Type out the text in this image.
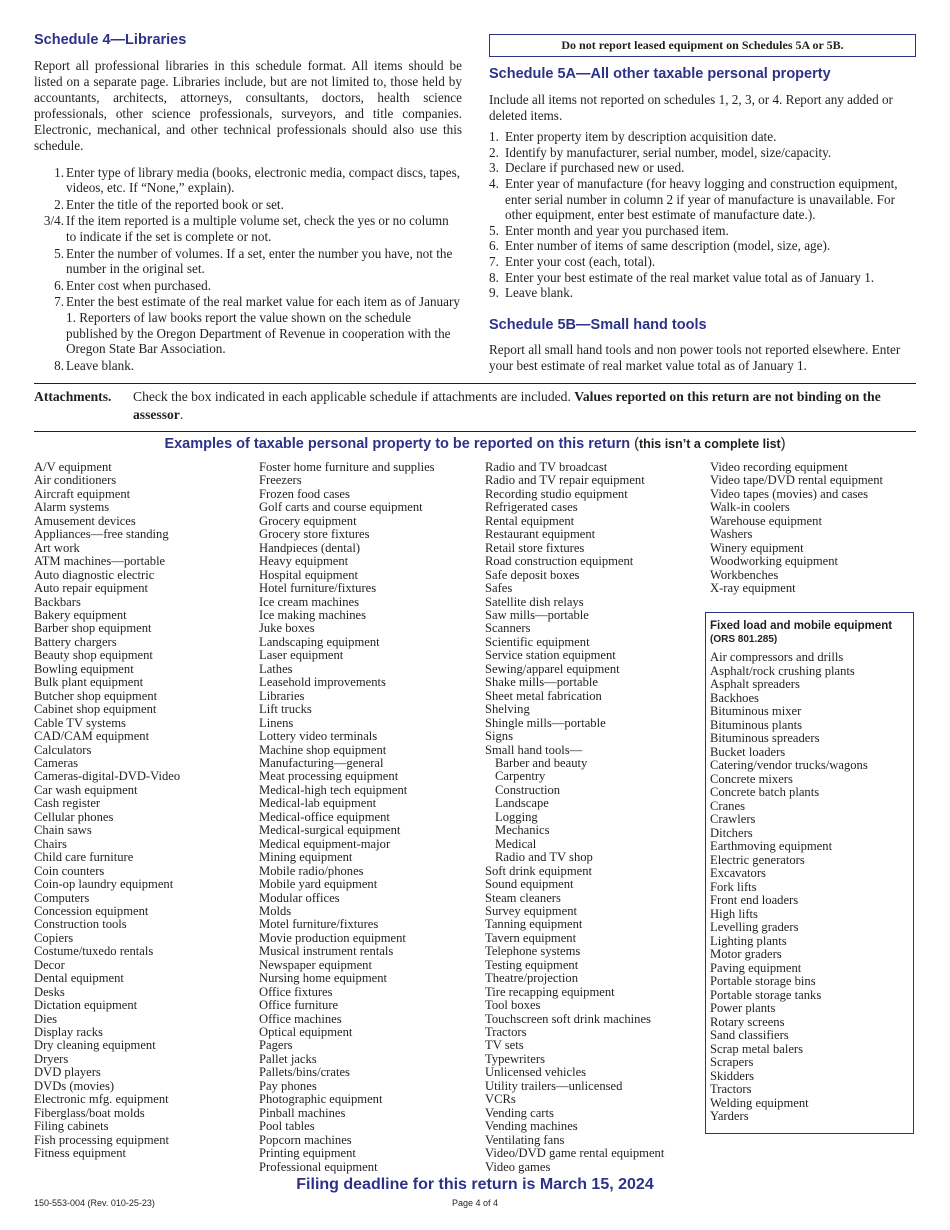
Schedule 4—Libraries

Report all professional libraries in this schedule format. All items should be listed on a separate page. Libraries include, but are not limited to, those held by accountants, architects, attorneys, consultants, doctors, health science professionals, other science professionals, surveyors, and title companies. Electronic, mechanical, and other technical professionals should also use this schedule.

1. Enter type of library media (books, electronic media, compact discs, tapes, videos, etc. If “None,” explain).
2. Enter the title of the reported book or set.
3/4. If the item reported is a multiple volume set, check the yes or no column to indicate if the set is complete or not.
5. Enter the number of volumes. If a set, enter the number you have, not the number in the original set.
6. Enter cost when purchased.
7. Enter the best estimate of the real market value for each item as of January 1. Reporters of law books report the value shown on the schedule published by the Oregon Department of Revenue in cooperation with the Oregon State Bar Association.
8. Leave blank.
Do not report leased equipment on Schedules 5A or 5B.
Schedule 5A—All other taxable personal property

Include all items not reported on schedules 1, 2, 3, or 4. Report any added or deleted items.

1. Enter property item by description acquisition date.
2. Identify by manufacturer, serial number, model, size/capacity.
3. Declare if purchased new or used.
4. Enter year of manufacture (for heavy logging and construction equipment, enter serial number in column 2 if year of manufacture is unavailable. For other equipment, enter best estimate of manufacture date.).
5. Enter month and year you purchased item.
6. Enter number of items of same description (model, size, age).
7. Enter your cost (each, total).
8. Enter your best estimate of the real market value total as of January 1.
9. Leave blank.
Schedule 5B—Small hand tools

Report all small hand tools and non power tools not reported elsewhere. Enter your best estimate of real market value total as of January 1.

Attachments. Check the box indicated in each applicable schedule if attachments are included. Values reported on this return are not binding on the assessor.
Examples of taxable personal property to be reported on this return (this isn’t a complete list)
A/V equipment
Air conditioners
Aircraft equipment
Alarm systems
Amusement devices
Appliances—free standing
Art work
ATM machines—portable
Auto diagnostic electric
Auto repair equipment
Backbars
Bakery equipment
Barber shop equipment
Battery chargers
Beauty shop equipment
Bowling equipment
Bulk plant equipment
Butcher shop equipment
Cabinet shop equipment
Cable TV systems
CAD/CAM equipment
Calculators
Cameras
Cameras-digital-DVD-Video
Car wash equipment
Cash register
Cellular phones
Chain saws
Chairs
Child care furniture
Coin counters
Coin-op laundry equipment
Computers
Concession equipment
Construction tools
Copiers
Costume/tuxedo rentals
Decor
Dental equipment
Desks
Dictation equipment
Dies
Display racks
Dry cleaning equipment
Dryers
DVD players
DVDs (movies)
Electronic mfg. equipment
Fiberglass/boat molds
Filing cabinets
Fish processing equipment
Fitness equipment
Foster home furniture and supplies
Freezers
Frozen food cases
Golf carts and course equipment
Grocery equipment
Grocery store fixtures
Handpieces (dental)
Heavy equipment
Hospital equipment
Hotel furniture/fixtures
Ice cream machines
Ice making machines
Juke boxes
Landscaping equipment
Laser equipment
Lathes
Leasehold improvements
Libraries
Lift trucks
Linens
Lottery video terminals
Machine shop equipment
Manufacturing—general
Meat processing equipment
Medical-high tech equipment
Medical-lab equipment
Medical-office equipment
Medical-surgical equipment
Medical equipment-major
Mining equipment
Mobile radio/phones
Mobile yard equipment
Modular offices
Molds
Motel furniture/fixtures
Movie production equipment
Musical instrument rentals
Newspaper equipment
Nursing home equipment
Office fixtures
Office furniture
Office machines
Optical equipment
Pagers
Pallet jacks
Pallets/bins/crates
Pay phones
Photographic equipment
Pinball machines
Pool tables
Popcorn machines
Printing equipment
Professional equipment
Radio and TV broadcast
Radio and TV repair equipment
Recording studio equipment
Refrigerated cases
Rental equipment
Restaurant equipment
Retail store fixtures
Road construction equipment
Safe deposit boxes
Safes
Satellite dish relays
Saw mills—portable
Scanners
Scientific equipment
Service station equipment
Sewing/apparel equipment
Shake mills—portable
Sheet metal fabrication
Shelving
Shingle mills—portable
Signs
Small hand tools—
Barber and beauty
Carpentry
Construction
Landscape
Logging
Mechanics
Medical
Radio and TV shop
Soft drink equipment
Sound equipment
Steam cleaners
Survey equipment
Tanning equipment
Tavern equipment
Telephone systems
Testing equipment
Theatre/projection
Tire recapping equipment
Tool boxes
Touchscreen soft drink machines
Tractors
TV sets
Typewriters
Unlicensed vehicles
Utility trailers—unlicensed
VCRs
Vending carts
Vending machines
Ventilating fans
Video/DVD game rental equipment
Video games
Video recording equipment
Video tape/DVD rental equipment
Video tapes (movies) and cases
Walk-in coolers
Warehouse equipment
Washers
Winery equipment
Woodworking equipment
Workbenches
X-ray equipment
Fixed load and mobile equipment
(ORS 801.285)
Air compressors and drills
Asphalt/rock crushing plants
Asphalt spreaders
Backhoes
Bituminous mixer
Bituminous plants
Bituminous spreaders
Bucket loaders
Catering/vendor trucks/wagons
Concrete mixers
Concrete batch plants
Cranes
Crawlers
Ditchers
Earthmoving equipment
Electric generators
Excavators
Fork lifts
Front end loaders
High lifts
Levelling graders
Lighting plants
Motor graders
Paving equipment
Portable storage bins
Portable storage tanks
Power plants
Rotary screens
Sand classifiers
Scrap metal balers
Scrapers
Skidders
Tractors
Welding equipment
Yarders
Filing deadline for this return is March 15, 2024
150-553-004 (Rev. 010-25-23)	Page 4 of 4
